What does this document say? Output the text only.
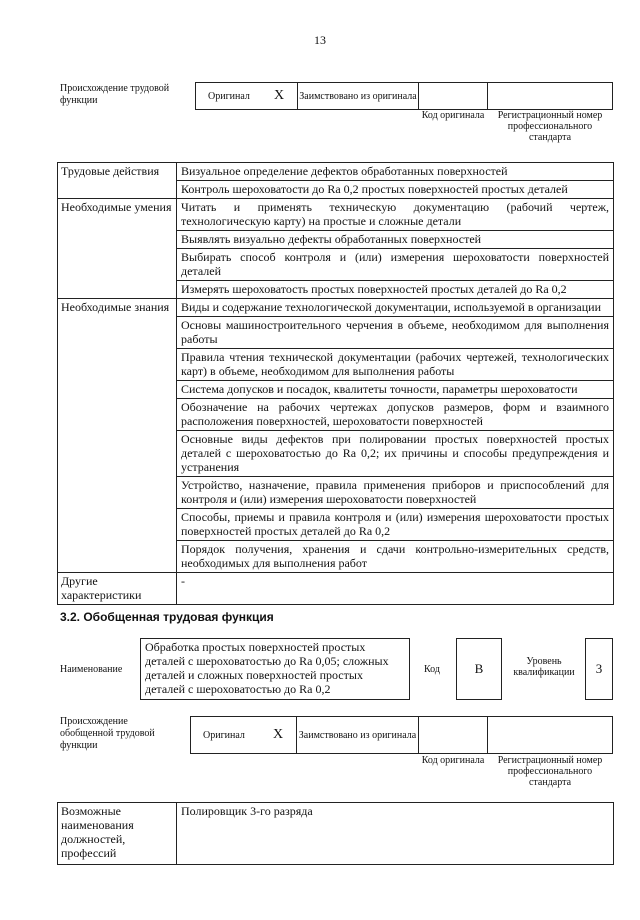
13
Происхождение трудовой функции	Оригинал X Заимствовано из оригинала
Код оригинала	Регистрационный номер профессионального стандарта
Трудовые действия	Визуальное определение дефектов обработанных поверхностей
	Контроль шероховатости до Ra 0,2 простых поверхностей простых деталей
Необходимые умения	Читать и применять техническую документацию (рабочий чертеж, технологическую карту) на простые и сложные детали
	Выявлять визуально дефекты обработанных поверхностей
	Выбирать способ контроля и (или) измерения шероховатости поверхностей деталей
	Измерять шероховатость простых поверхностей простых деталей до Ra 0,2
Необходимые знания	Виды и содержание технологической документации, используемой в организации
	Основы машиностроительного черчения в объеме, необходимом для выполнения работы
	Правила чтения технической документации (рабочих чертежей, технологических карт) в объеме, необходимом для выполнения работы
	Система допусков и посадок, квалитеты точности, параметры шероховатости
	Обозначение на рабочих чертежах допусков размеров, форм и взаимного расположения поверхностей, шероховатости поверхностей
	Основные виды дефектов при полировании простых поверхностей простых деталей с шероховатостью до Ra 0,2; их причины и способы предупреждения и устранения
	Устройство, назначение, правила применения приборов и приспособлений для контроля и (или) измерения шероховатости поверхностей
	Способы, приемы и правила контроля и (или) измерения шероховатости простых поверхностей простых деталей до Ra 0,2
	Порядок получения, хранения и сдачи контрольно-измерительных средств, необходимых для выполнения работ
Другие характеристики	-
3.2. Обобщенная трудовая функция
Наименование
Обработка простых поверхностей простых деталей с шероховатостью до Ra 0,05; сложных деталей и сложных поверхностей простых деталей с шероховатостью до Ra 0,2
Код	B	Уровень квалификации	3
Происхождение обобщенной трудовой функции
Оригинал X Заимствовано из оригинала
Код оригинала	Регистрационный номер профессионального стандарта
Возможные наименования должностей, профессий	Полировщик 3-го разряда
